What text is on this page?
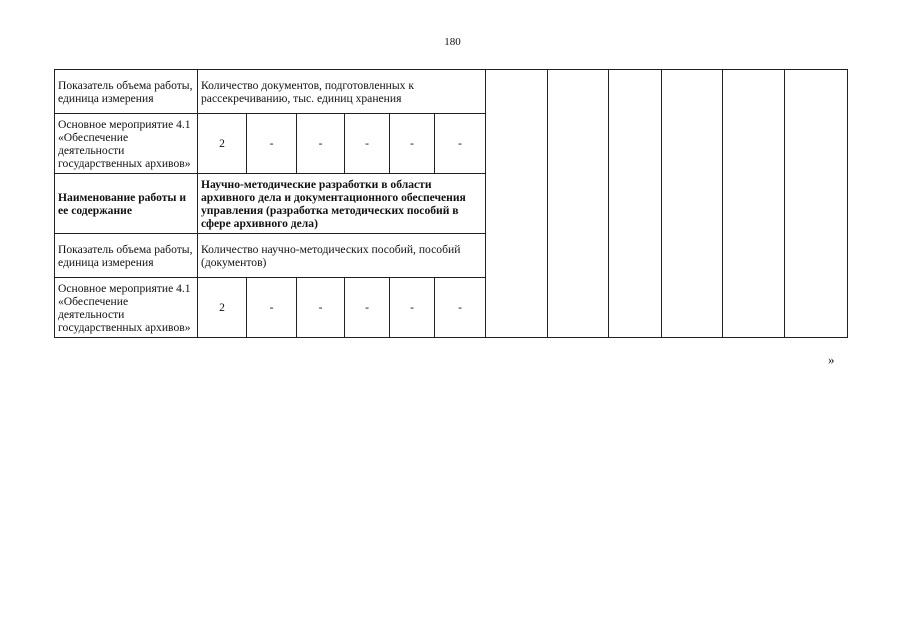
180
Показатель объема работы, единица измерения	Количество документов, подготовленных к рассекречиванию, тыс. единиц хранения											
Основное мероприятие 4.1 «Обеспечение деятельности государственных архивов»	2	-	-	-	-	-						
Наименование работы и ее содержание	Научно-методические разработки в области архивного дела и документационного обеспечения управления (разработка методических пособий в сфере архивного дела)											
Показатель объема работы, единица измерения	Количество научно-методических пособий, пособий (документов)											
Основное мероприятие 4.1 «Обеспечение деятельности государственных архивов»	2	-	-	-	-	-						
»
